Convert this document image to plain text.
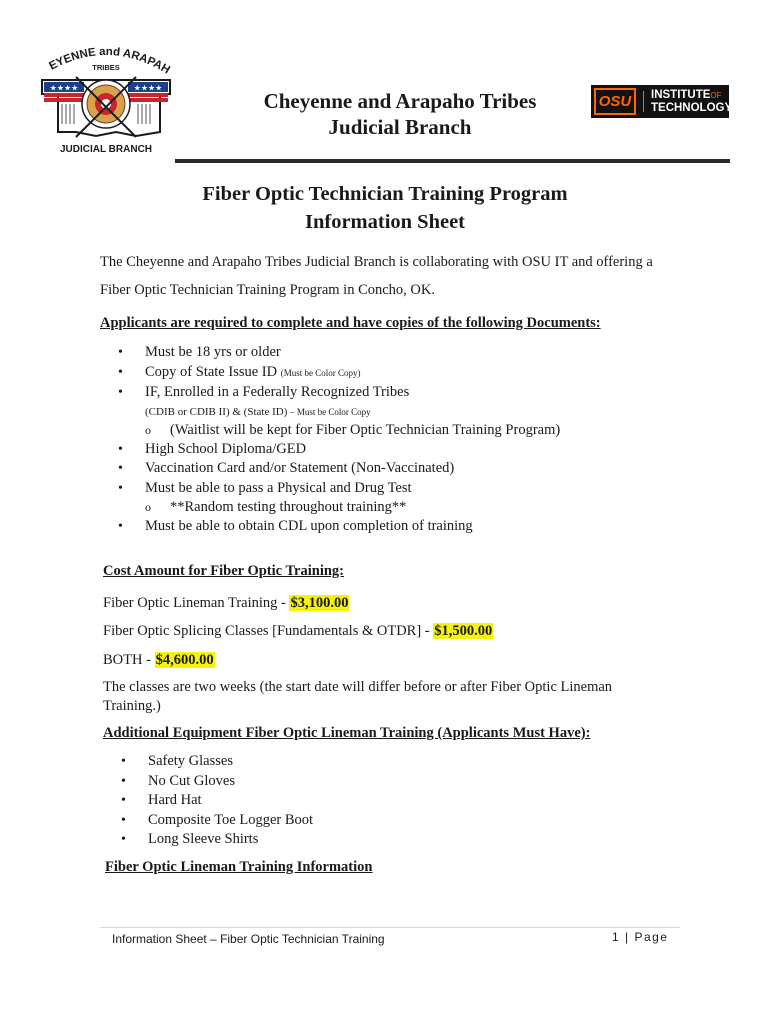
EYENNE and ARAPAH
TRIBES
★★★★	★★★★
JUDICIAL BRANCH
Cheyenne and Arapaho Tribes
Judicial Branch
OSU	INSTITUTEOF
TECHNOLOGY
Fiber Optic Technician Training Program
Information Sheet
The Cheyenne and Arapaho Tribes Judicial Branch is collaborating with OSU IT and offering a Fiber Optic Technician Training Program in Concho, OK.
Applicants are required to complete and have copies of the following Documents:
• Must be 18 yrs or older
• Copy of State Issue ID (Must be Color Copy)
• IF, Enrolled in a Federally Recognized Tribes
(CDIB or CDIB II) & (State ID) – Must be Color Copy
o (Waitlist will be kept for Fiber Optic Technician Training Program)
• High School Diploma/GED
• Vaccination Card and/or Statement (Non-Vaccinated)
• Must be able to pass a Physical and Drug Test
o **Random testing throughout training**
• Must be able to obtain CDL upon completion of training
Cost Amount for Fiber Optic Training:
Fiber Optic Lineman Training - $3,100.00
Fiber Optic Splicing Classes [Fundamentals & OTDR] - $1,500.00
BOTH - $4,600.00
The classes are two weeks (the start date will differ before or after Fiber Optic Lineman Training.)
Additional Equipment Fiber Optic Lineman Training (Applicants Must Have):
• Safety Glasses
• No Cut Gloves
• Hard Hat
• Composite Toe Logger Boot
• Long Sleeve Shirts
Fiber Optic Lineman Training Information
Information Sheet – Fiber Optic Technician Training	1 | Page
